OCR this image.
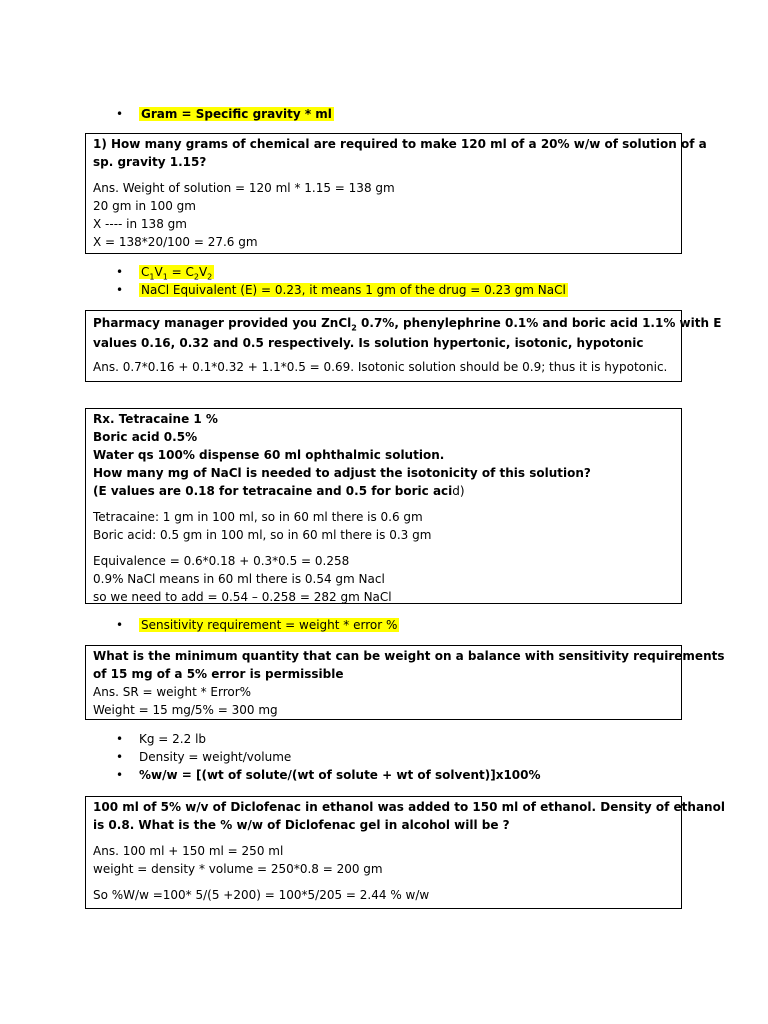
• Gram = Specific gravity * ml
1) How many grams of chemical are required to make 120 ml of a 20% w/w of solution of a
sp. gravity 1.15?
Ans. Weight of solution = 120 ml * 1.15 = 138 gm
20 gm in 100 gm
X ---- in 138 gm
X = 138*20/100 = 27.6 gm
• $C_1V_1 = C_2V_2$
• NaCl Equivalent (E) = 0.23, it means 1 gm of the drug = 0.23 gm NaCl
Pharmacy manager provided you ZnCl$_2$ 0.7%, phenylephrine 0.1% and boric acid 1.1% with E
values 0.16, 0.32 and 0.5 respectively. Is solution hypertonic, isotonic, hypotonic
Ans. 0.7*0.16 + 0.1*0.32 + 1.1*0.5 = 0.69. Isotonic solution should be 0.9; thus it is hypotonic.
Rx. Tetracaine 1 %
Boric acid 0.5%
Water qs 100% dispense 60 ml ophthalmic solution.
How many mg of NaCl is needed to adjust the isotonicity of this solution?
(E values are 0.18 for tetracaine and 0.5 for boric acid)
Tetracaine: 1 gm in 100 ml, so in 60 ml there is 0.6 gm
Boric acid: 0.5 gm in 100 ml, so in 60 ml there is 0.3 gm
Equivalence = 0.6*0.18 + 0.3*0.5 = 0.258
0.9% NaCl means in 60 ml there is 0.54 gm Nacl
so we need to add = 0.54 – 0.258 = 282 gm NaCl
• Sensitivity requirement = weight * error %
What is the minimum quantity that can be weight on a balance with sensitivity requirements
of 15 mg of a 5% error is permissible
Ans. SR = weight * Error%
Weight = 15 mg/5% = 300 mg
• Kg = 2.2 lb
• Density = weight/volume
• %w/w = [(wt of solute/(wt of solute + wt of solvent)]x100%
100 ml of 5% w/v of Diclofenac in ethanol was added to 150 ml of ethanol. Density of ethanol
is 0.8. What is the % w/w of Diclofenac gel in alcohol will be ?
Ans. 100 ml + 150 ml = 250 ml
weight = density * volume = 250*0.8 = 200 gm
So %W/w =100* 5/(5 +200) = 100*5/205 = 2.44 % w/w
